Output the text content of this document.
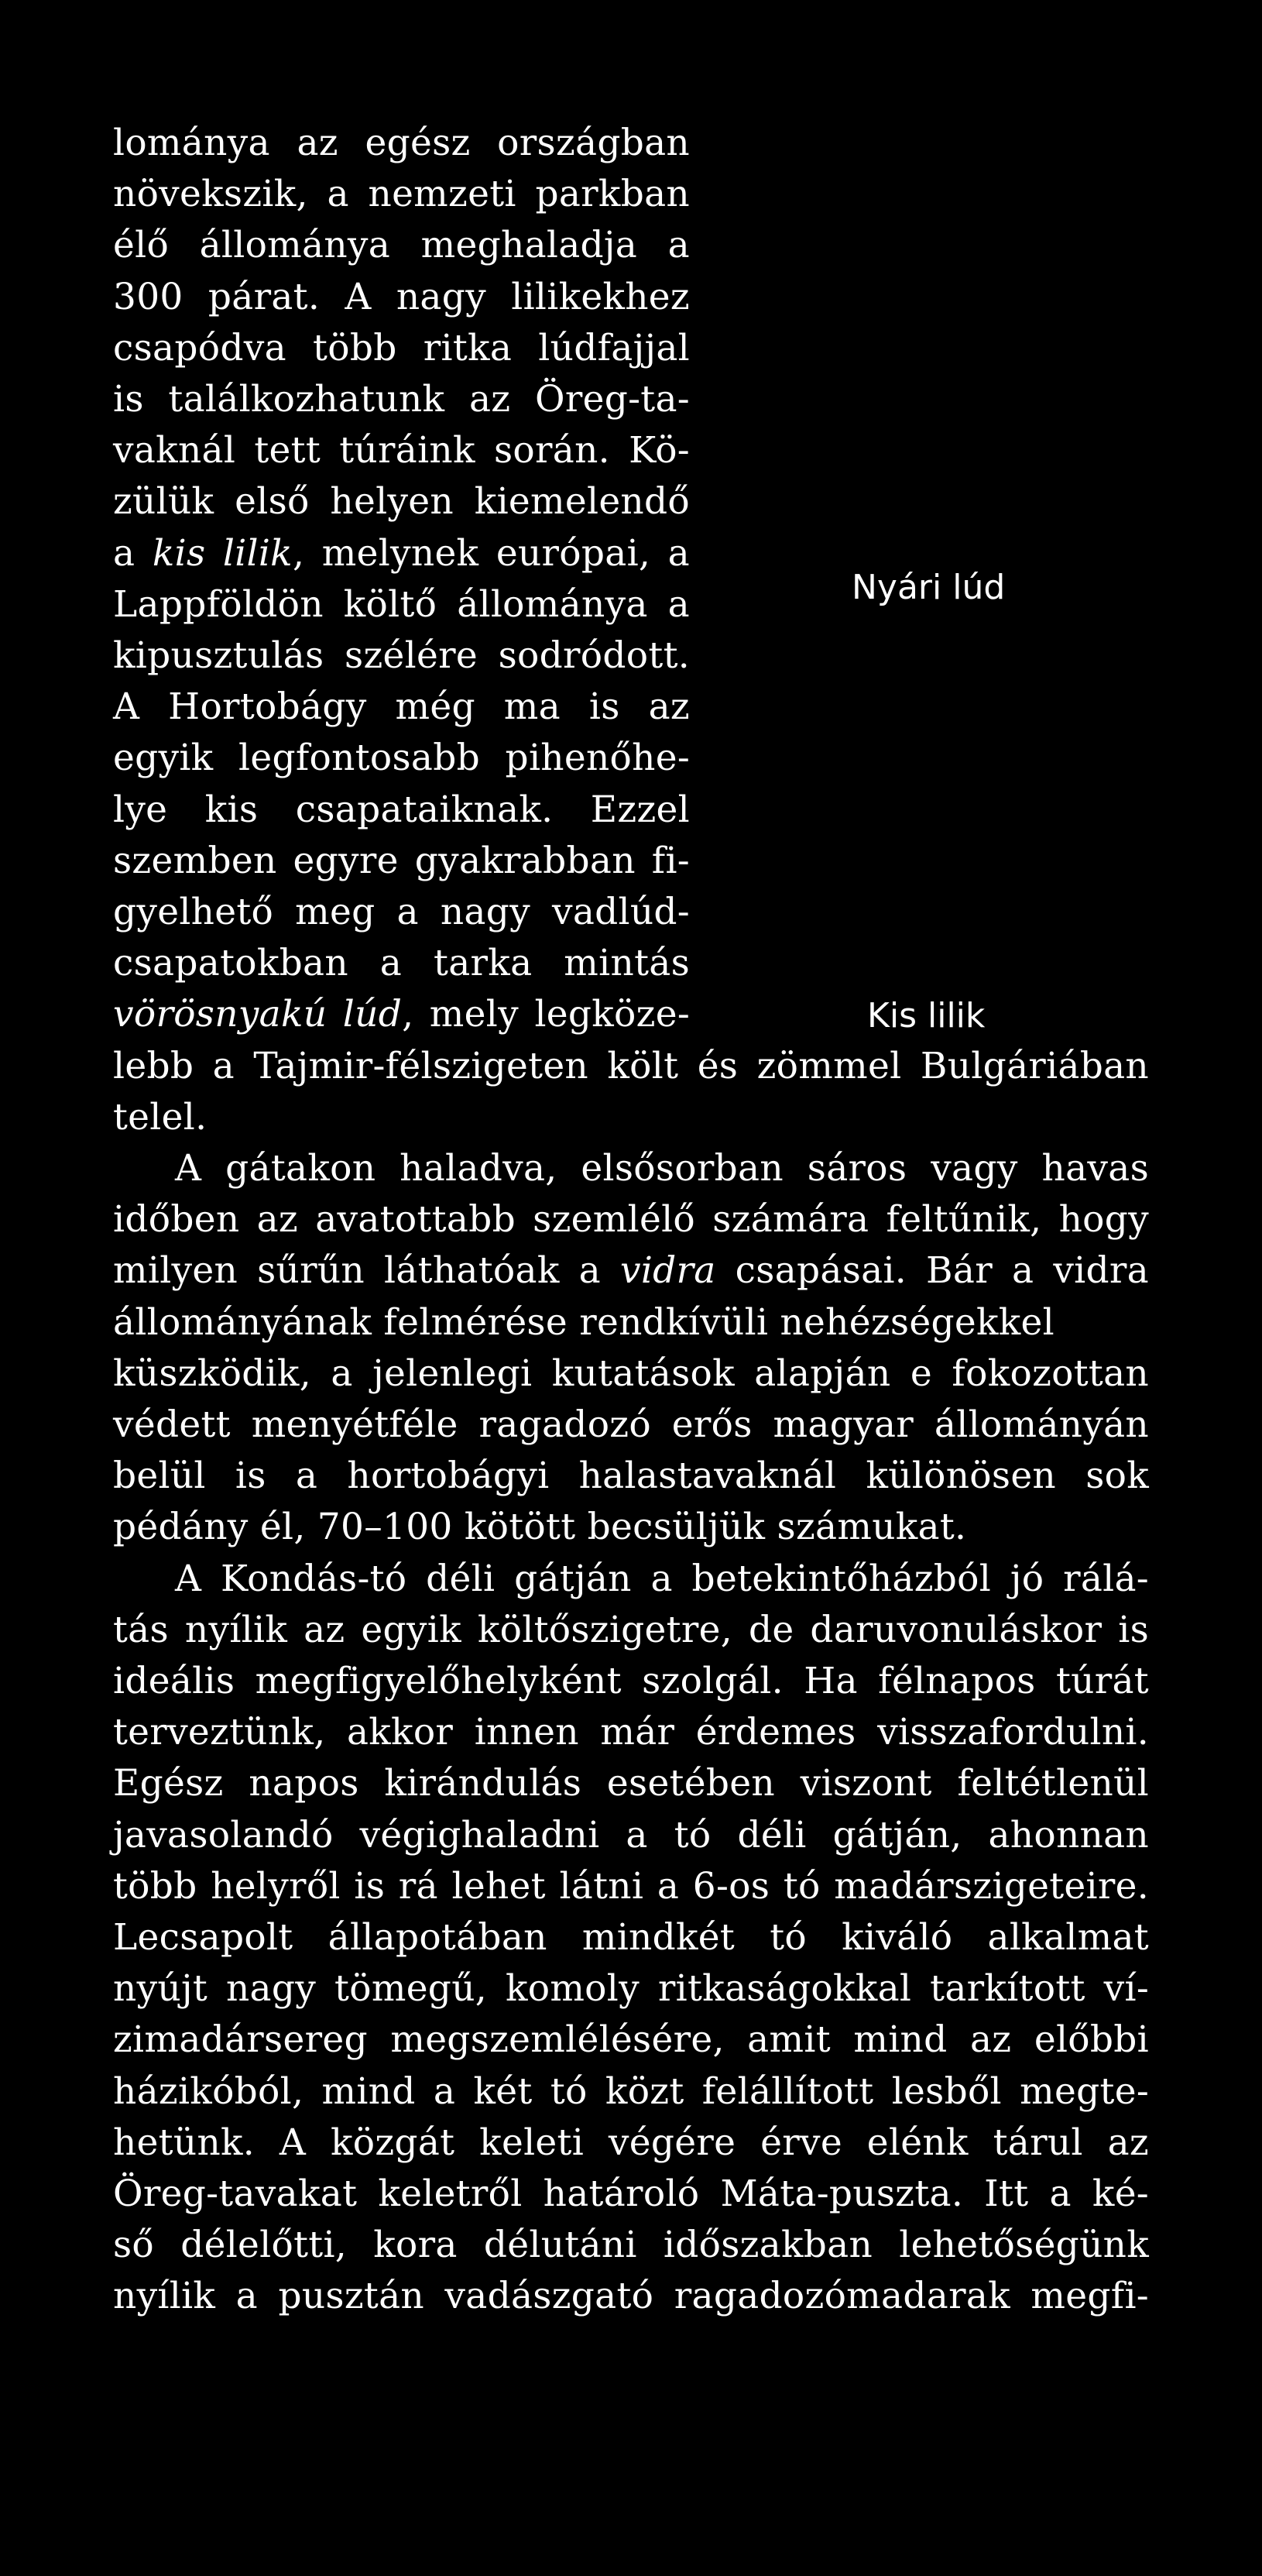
lománya az egész országban
növekszik, a nemzeti parkban
élő állománya meghaladja a
300 párat. A nagy lilikekhez
csapódva több ritka lúdfajjal
is találkozhatunk az Öreg-ta-
vaknál tett túráink során. Kö-
zülük első helyen kiemelendő
a kis lilik, melynek európai, a
Lappföldön költő állománya a
kipusztulás szélére sodródott.
A Hortobágy még ma is az
egyik legfontosabb pihenőhe-
lye kis csapataiknak. Ezzel
szemben egyre gyakrabban fi-
gyelhető meg a nagy vadlúd-
csapatokban a tarka mintás
vörösnyakú lúd, mely legköze-
lebb a Tajmir-félszigeten költ és zömmel Bulgáriában
telel.
A gátakon haladva, elsősorban sáros vagy havas
időben az avatottabb szemlélő számára feltűnik, hogy
milyen sűrűn láthatóak a vidra csapásai. Bár a vidra
állományának felmérése rendkívüli nehézségekkel
küszködik, a jelenlegi kutatások alapján e fokozottan
védett menyétféle ragadozó erős magyar állományán
belül is a hortobágyi halastavaknál különösen sok
pédány él, 70–100 kötött becsüljük számukat.
A Kondás-tó déli gátján a betekintőházból jó rálá-
tás nyílik az egyik költőszigetre, de daruvonuláskor is
ideális megfigyelőhelyként szolgál. Ha félnapos túrát
terveztünk, akkor innen már érdemes visszafordulni.
Egész napos kirándulás esetében viszont feltétlenül
javasolandó végighaladni a tó déli gátján, ahonnan
több helyről is rá lehet látni a 6-os tó madárszigeteire.
Lecsapolt állapotában mindkét tó kiváló alkalmat
nyújt nagy tömegű, komoly ritkaságokkal tarkított ví-
zimadársereg megszemlélésére, amit mind az előbbi
házikóból, mind a két tó közt felállított lesből megte-
hetünk. A közgát keleti végére érve elénk tárul az
Öreg-tavakat keletről határoló Máta-puszta. Itt a ké-
ső délelőtti, kora délutáni időszakban lehetőségünk
nyílik a pusztán vadászgató ragadozómadarak megfi-
Nyári lúd
Kis lilik
